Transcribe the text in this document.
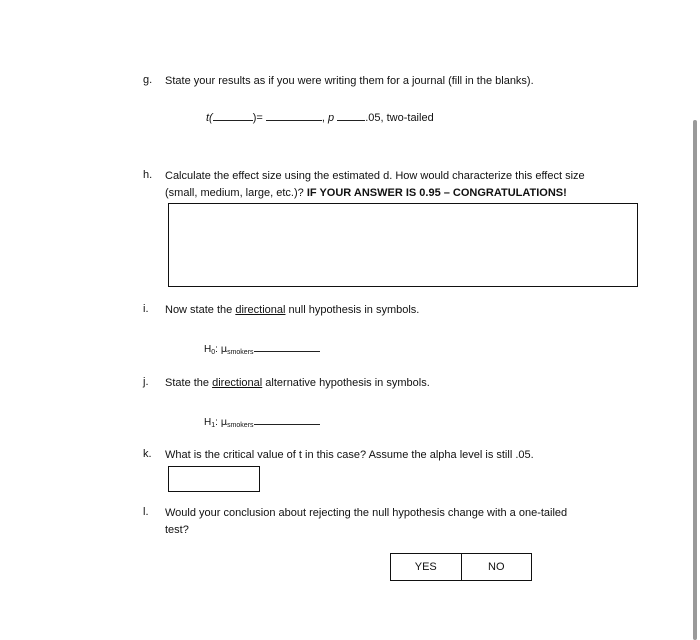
g.	State your results as if you were writing them for a journal (fill in the blanks).
t(	)=	, p	.05, two-tailed
h.	Calculate the effect size using the estimated d. How would characterize this effect size
(small, medium, large, etc.)? IF YOUR ANSWER IS 0.95 – CONGRATULATIONS!
i.	Now state the directional null hypothesis in symbols.
$H_0$: µ$_{smokers}$
j.	State the directional alternative hypothesis in symbols.
$H_1$: µ$_{smokers}$
k.	What is the critical value of t in this case? Assume the alpha level is still .05.
l.	Would your conclusion about rejecting the null hypothesis change with a one-tailed
test?
YES	NO
